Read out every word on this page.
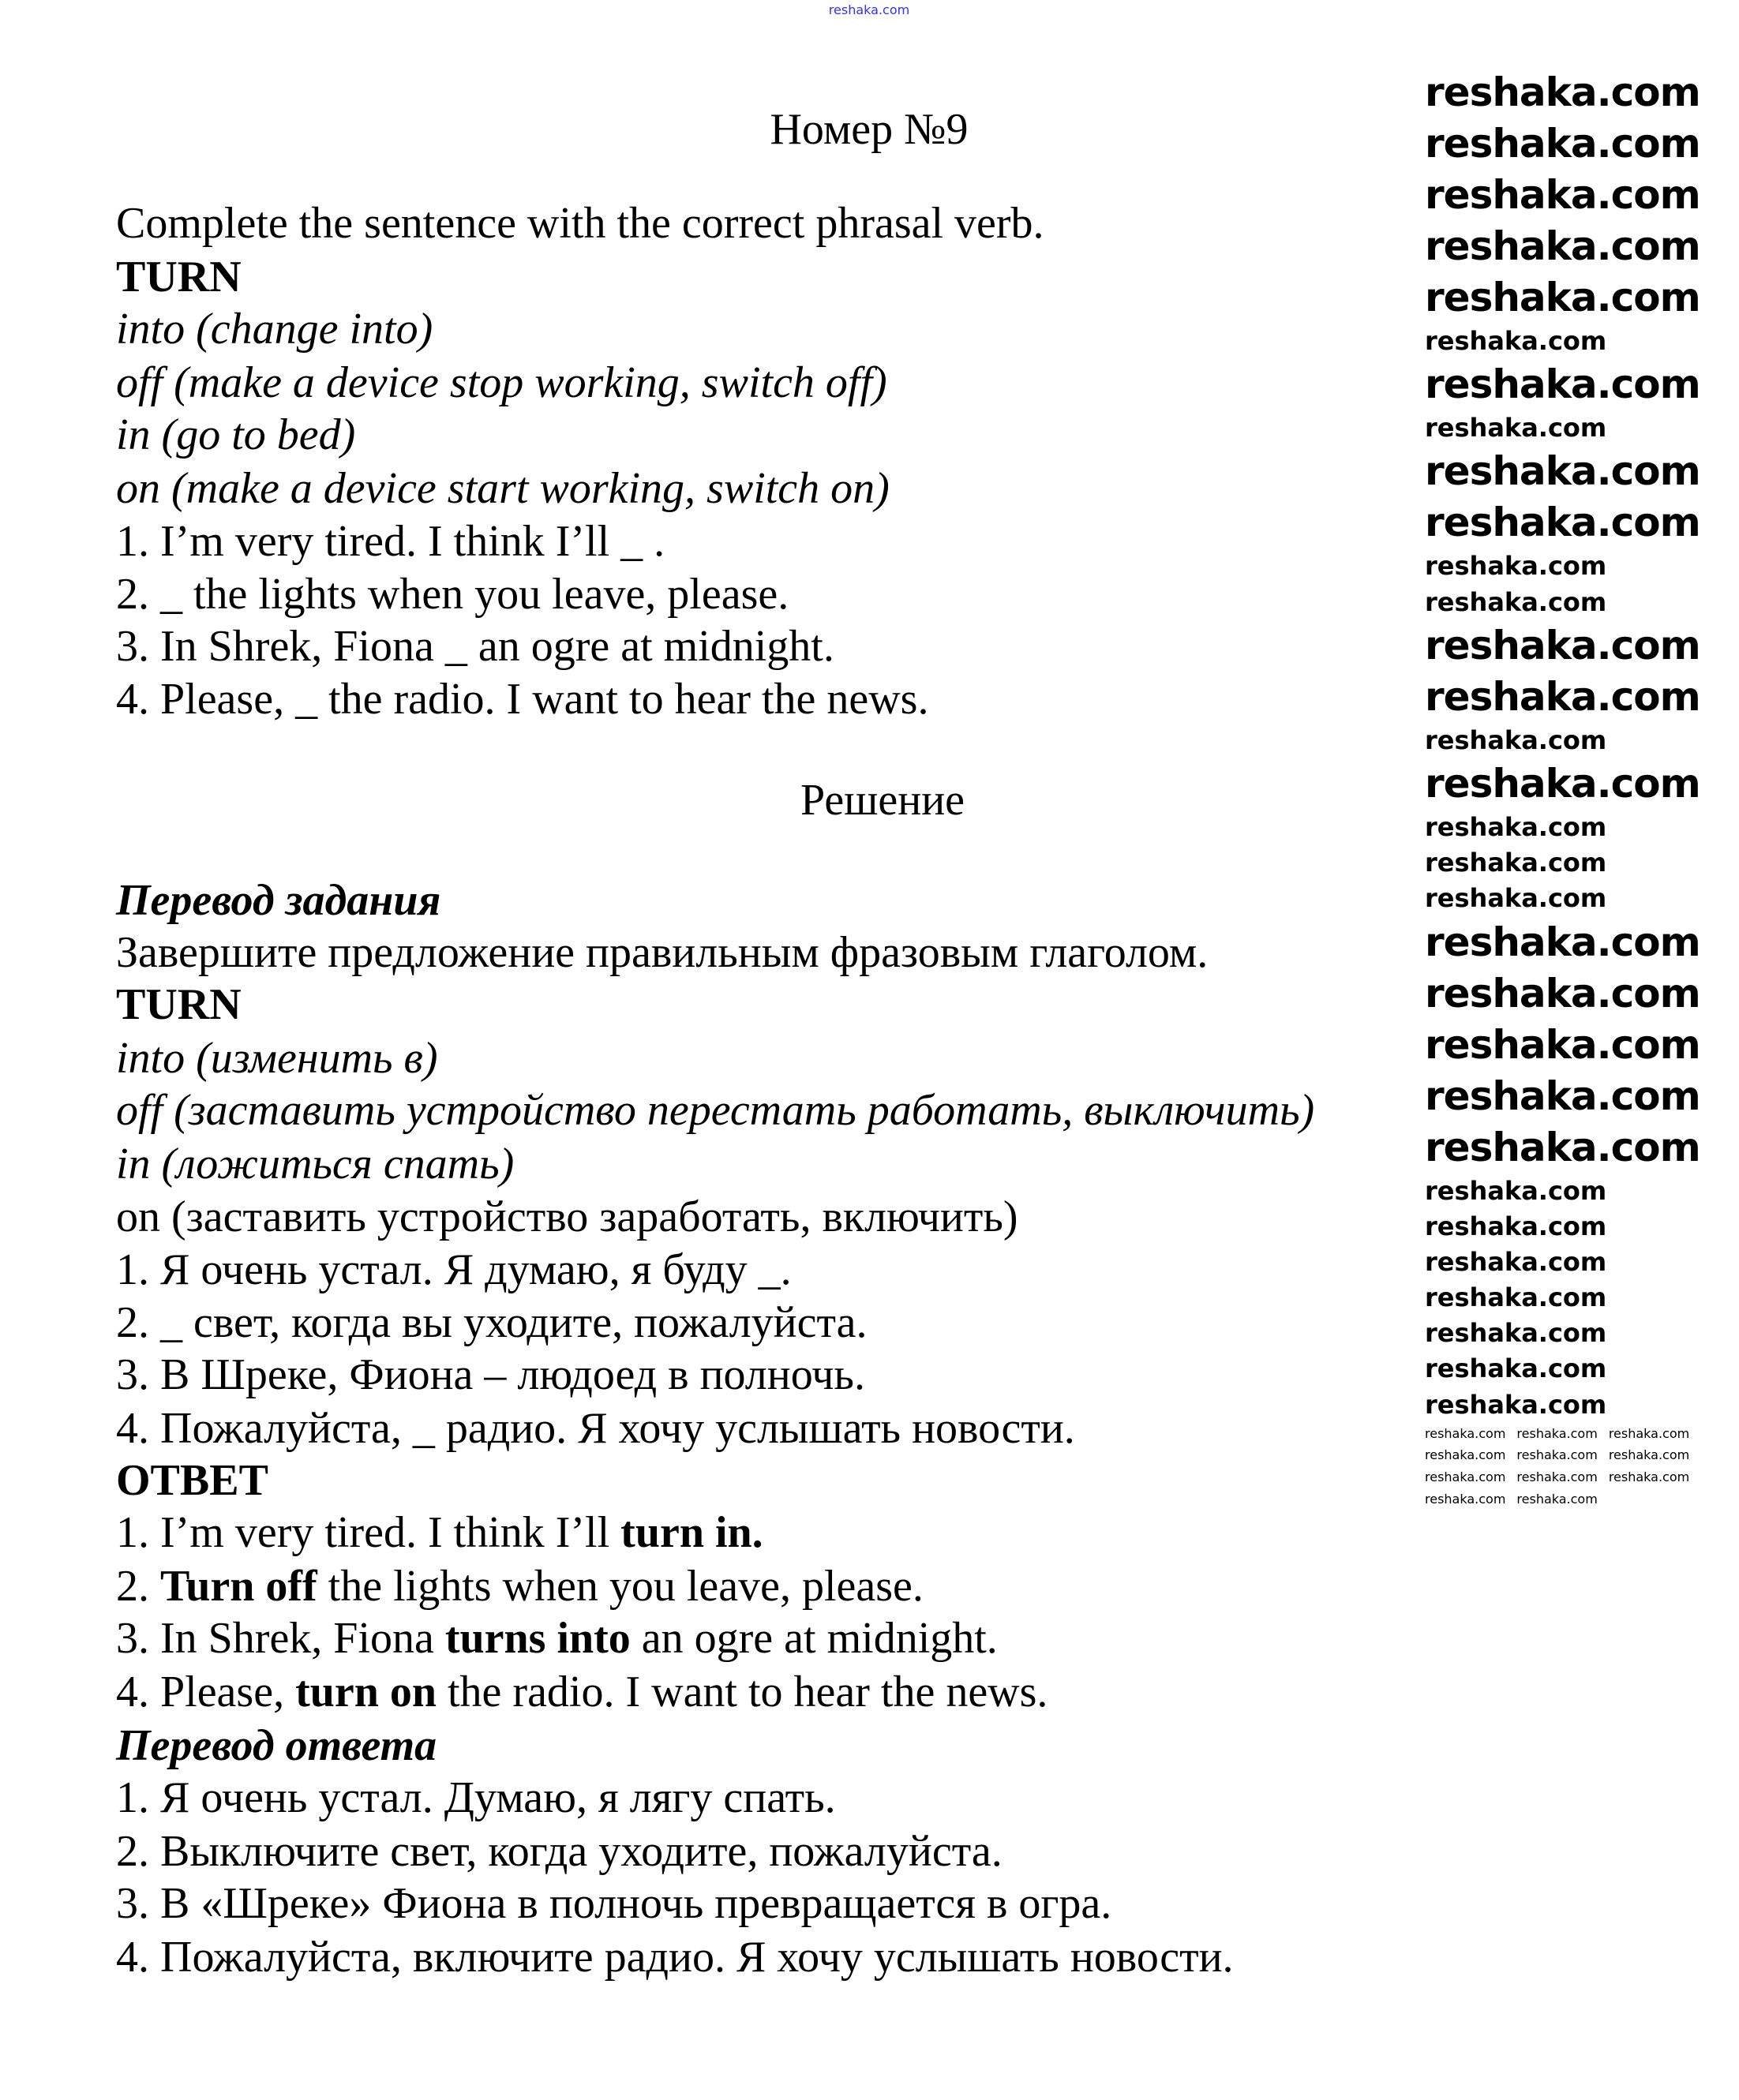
reshaka.com
reshaka.com
reshaka.com
reshaka.com
reshaka.com
reshaka.com
reshaka.com
reshaka.com
reshaka.com
reshaka.com
reshaka.com
reshaka.com
reshaka.com
reshaka.com
reshaka.com
reshaka.com
reshaka.com
reshaka.com
reshaka.com
reshaka.com
reshaka.com
reshaka.com
reshaka.com
reshaka.com
reshaka.com
reshaka.com
reshaka.com
reshaka.com
reshaka.com
reshaka.com
reshaka.com
reshaka.com
reshaka.com reshaka.com reshaka.com
reshaka.com reshaka.com reshaka.com
reshaka.com reshaka.com reshaka.com
reshaka.com reshaka.com
Номер №9
Complete the sentence with the correct phrasal verb.
TURN
into (change into)
off (make a device stop working, switch off)
in (go to bed)
on (make a device start working, switch on)
1. I’m very tired. I think I’ll _ .
2. _ the lights when you leave, please.
3. In Shrek, Fiona _ an ogre at midnight.
4. Please, _ the radio. I want to hear the news.
Решение
Перевод задания
Завершите предложение правильным фразовым глаголом.
TURN
into (изменить в)
off (заставить устройство перестать работать, выключить)
in (ложиться спать)
on (заставить устройство заработать, включить)
1. Я очень устал. Я думаю, я буду _.
2. _ свет, когда вы уходите, пожалуйста.
3. В Шреке, Фиона – людоед в полночь.
4. Пожалуйста, _ радио. Я хочу услышать новости.
ОТВЕТ
1. I’m very tired. I think I’ll turn in.
2. Turn off the lights when you leave, please.
3. In Shrek, Fiona turns into an ogre at midnight.
4. Please, turn on the radio. I want to hear the news.
Перевод ответа
1. Я очень устал. Думаю, я лягу спать.
2. Выключите свет, когда уходите, пожалуйста.
3. В «Шреке» Фиона в полночь превращается в огра.
4. Пожалуйста, включите радио. Я хочу услышать новости.
